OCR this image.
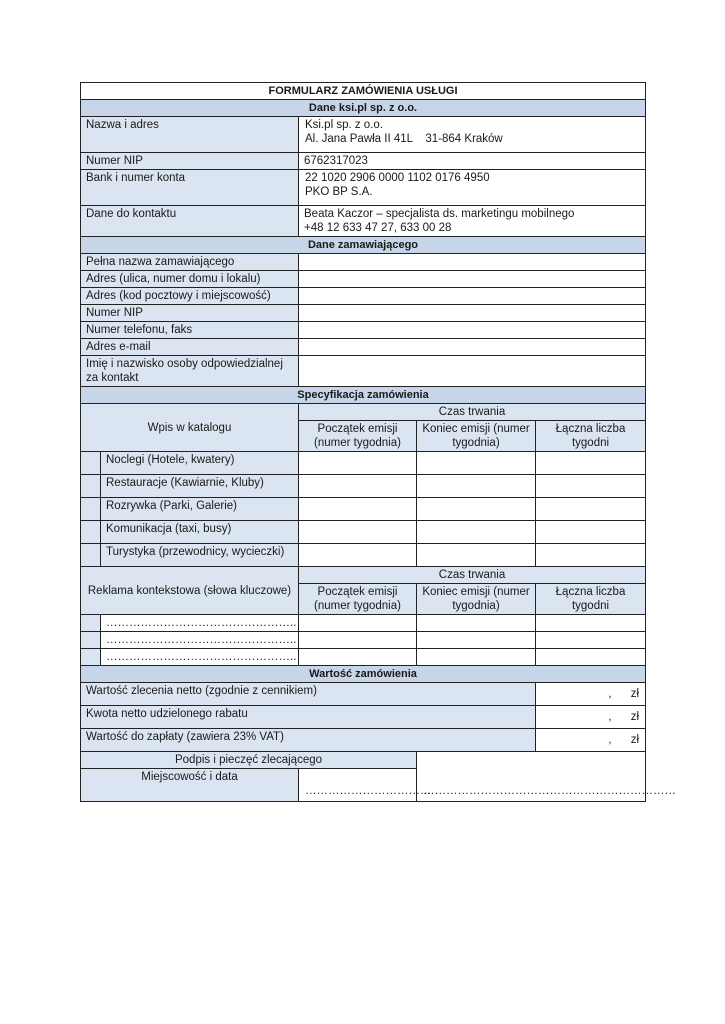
FORMULARZ ZAMÓWIENIA USŁUGI				
Dane ksi.pl sp. z o.o.				
Nazwa i adres		Ksi.pl sp. z o.o.
Al. Jana Pawła II 41L    31-864 Kraków		

Numer NIP		6762317023		
Bank i numer konta		22 1020 2906 0000 1102 0176 4950
PKO BP S.A.		

Dane do kontaktu		Beata Kaczor – specjalista ds. marketingu mobilnego
+48 12 633 47 27, 633 00 28		

Dane zamawiającego				
Pełna nazwa zamawiającego				
Adres (ulica, numer domu i lokalu)				
Adres (kod pocztowy i miejscowość)				
Numer NIP				
Numer telefonu, faks				
Adres e-mail				
Imię i nazwisko osoby odpowiedzialnej za kontakt				
Specyfikacja zamówienia				
Wpis w katalogu		Czas trwania		
		Początek emisji (numer tygodnia)	Koniec emisji (numer tygodnia)	Łączna liczba tygodni
	Noclegi (Hotele, kwatery)			
	Restauracje (Kawiarnie, Kluby)			
	Rozrywka (Parki, Galerie)			
	Komunikacja (taxi, busy)			
	Turystyka (przewodnicy, wycieczki)			
Reklama kontekstowa (słowa kluczowe)		Czas trwania		
		Początek emisji (numer tygodnia)	Koniec emisji (numer tygodnia)	Łączna liczba tygodni
	…………………………………………..			
	…………………………………………..			
	…………………………………………..			
Wartość zamówienia				
Wartość zlecenia netto (zgodnie z cennikiem)				,      zł
Kwota netto udzielonego rabatu				,      zł
Wartość do zapłaty (zawiera 23% VAT)				,      zł
Podpis i pieczęć zlecającego			…………………………………………………………	
Miejscowość i data		……………………………		
